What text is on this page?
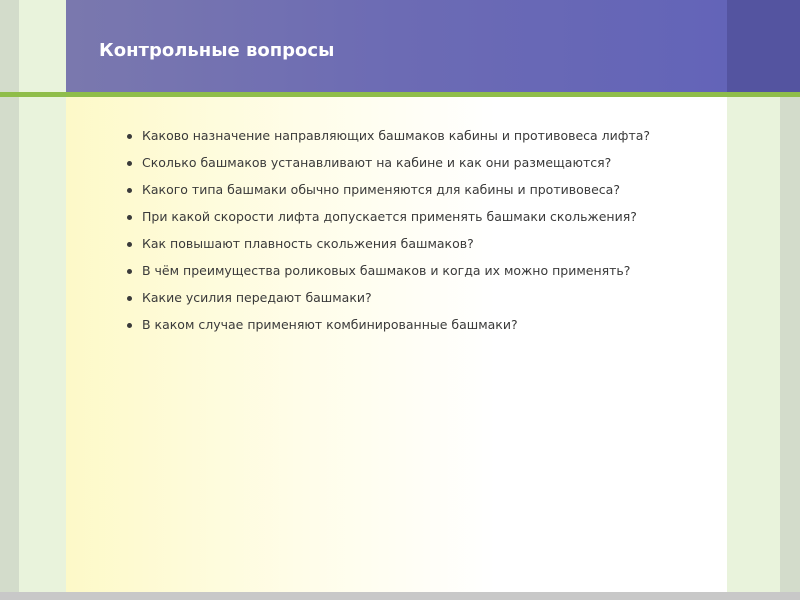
Контрольные вопросы
Каково назначение направляющих башмаков кабины и противовеса лифта?
Сколько башмаков устанавливают на кабине и как они размещаются?
Какого типа башмаки обычно применяются для кабины и противовеса?
При какой скорости лифта допускается применять башмаки скольжения?
Как повышают плавность скольжения башмаков?
В чём преимущества роликовых башмаков и когда их можно применять?
Какие усилия передают башмаки?
В каком случае применяют комбинированные башмаки?
